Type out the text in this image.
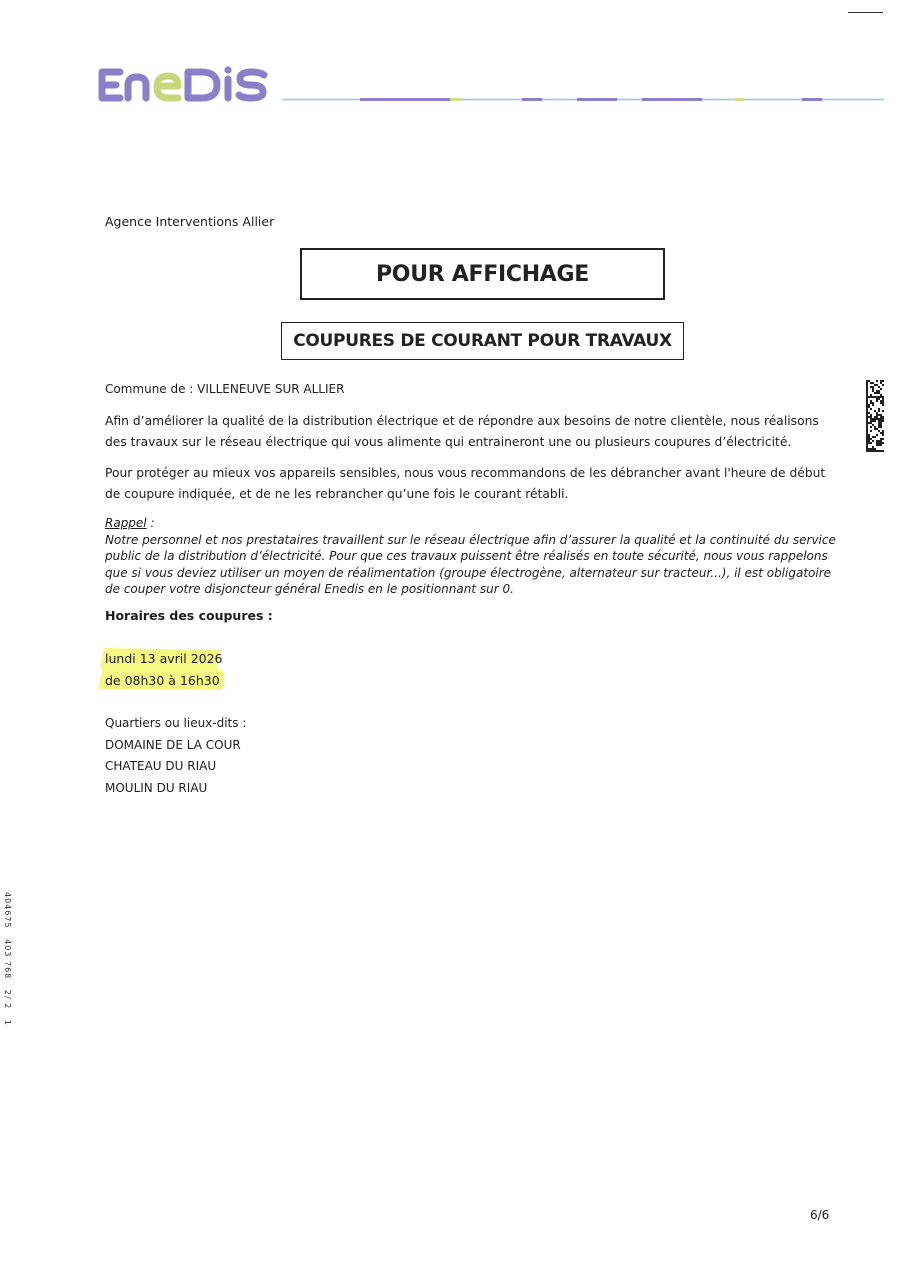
Agence Interventions Allier
POUR AFFICHAGE
COUPURES DE COURANT POUR TRAVAUX
Commune de : VILLENEUVE SUR ALLIER
Afin d’améliorer la qualité de la distribution électrique et de répondre aux besoins de notre clientèle, nous réalisons des travaux sur le réseau électrique qui vous alimente qui entraineront une ou plusieurs coupures d’électricité.
Pour protéger au mieux vos appareils sensibles, nous vous recommandons de les débrancher avant l'heure de début de coupure indiquée, et de ne les rebrancher qu’une fois le courant rétabli.
Rappel :
Notre personnel et nos prestataires travaillent sur le réseau électrique afin d’assurer la qualité et la continuité du service public de la distribution d’électricité. Pour que ces travaux puissent être réalisés en toute sécurité, nous vous rappelons que si vous deviez utiliser un moyen de réalimentation (groupe électrogène, alternateur sur tracteur...), il est obligatoire de couper votre disjoncteur général Enedis en le positionnant sur 0.
Horaires des coupures :
lundi 13 avril 2026
de 08h30 à 16h30
Quartiers ou lieux-dits :
DOMAINE DE LA COUR
CHATEAU DU RIAU
MOULIN DU RIAU
404675   403 768   2/ 2   1
6/6
